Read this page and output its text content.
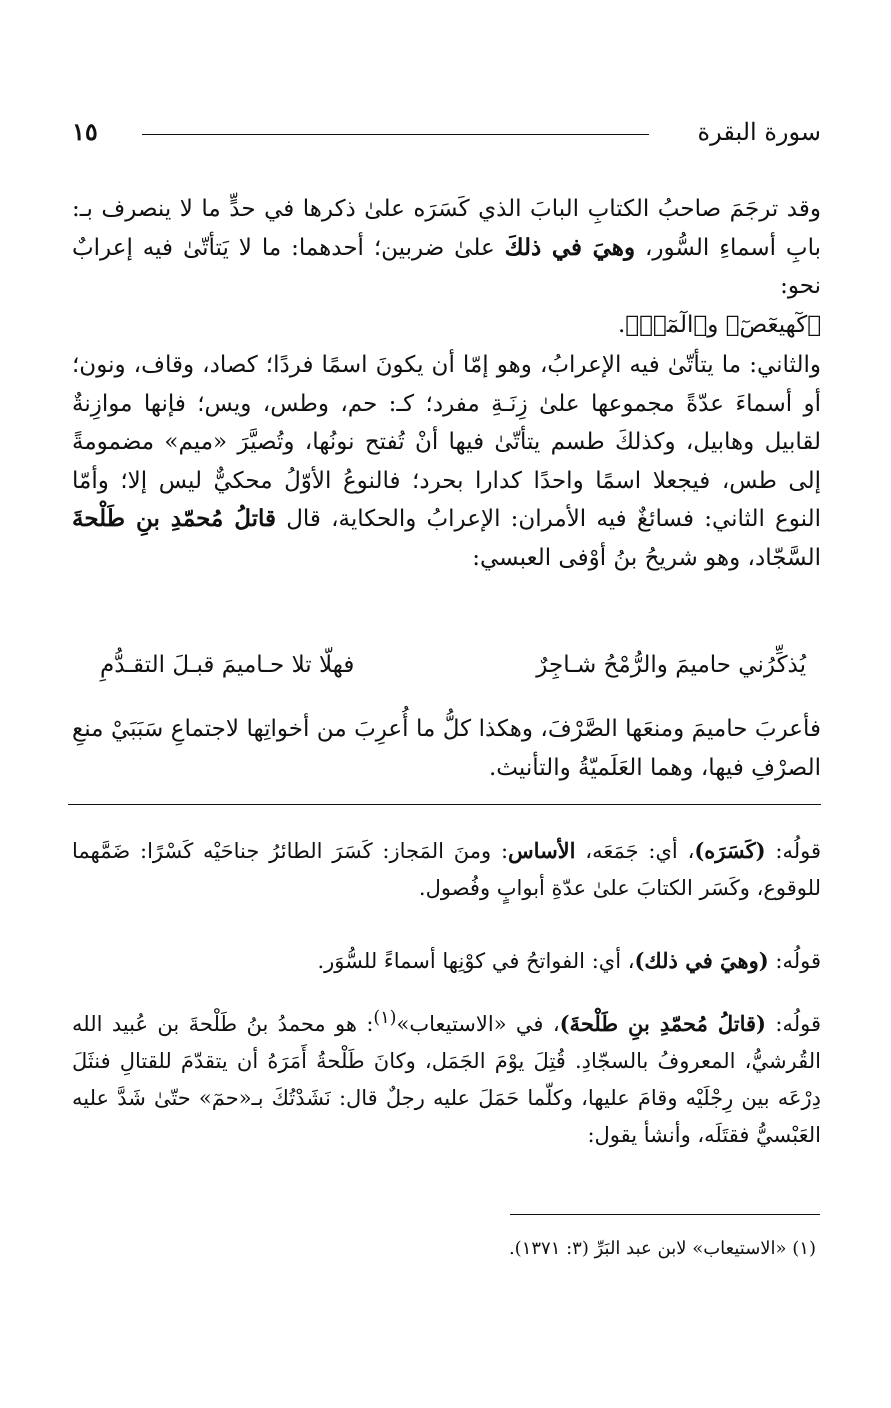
سورة البقرة
١٥

وقد ترجَمَ صاحبُ الكتابِ البابَ الذي كَسَرَه علىٰ ذكرها في حدٍّ ما لا ينصرف بـ: بابِ أسماءِ السُّور، وهيَ في ذلكَ علىٰ ضربين؛ أحدهما: ما لا يَتأتّىٰ فيه إعرابٌ نحو:
﴿كٓهيعٓصٓ﴾ و﴿الٓمٓرۚ﴾.

والثاني: ما يتأتّىٰ فيه الإعرابُ، وهو إمّا أن يكونَ اسمًا فردًا؛ كصاد، وقاف، ونون؛ أو أسماءَ عدّةً مجموعها علىٰ زِنَـةِ مفرد؛ كـ: حم، وطس، ويس؛ فإنها موازِنةٌ لقابيل وهابيل، وكذلكَ طسم يتأتّىٰ فيها أنْ تُفتح نونُها، وتُصيَّرَ «ميم» مضمومةً إلى طس، فيجعلا اسمًا واحدًا كدارا بحرد؛ فالنوعُ الأوّلُ محكيٌّ ليس إلا؛ وأمّا النوع الثاني: فسائغٌ فيه الأمران: الإعرابُ والحكاية، قال قاتلُ مُحمّدِ بنِ طَلْحةَ السَّجّاد، وهو شريحُ بنُ أوْفى العبسي:

يُذكِّرُني حاميمَ والرُّمْحُ شـاجِرٌ
فهلّا تلا حـاميمَ قبـلَ التقـدُّمِ

فأعربَ حاميمَ ومنعَها الصَّرْفَ، وهكذا كلُّ ما أُعرِبَ من أخواتِها لاجتماعِ سَبَبَيْ منعِ الصرْفِ فيها، وهما العَلَميّةُ والتأنيث.

قولُه: (كَسَرَه)، أي: جَمَعَه، الأساس: ومنَ المَجاز: كَسَرَ الطائرُ جناحَيْه كَسْرًا: ضَمَّهما للوقوع، وكَسَر الكتابَ علىٰ عدّةِ أبوابٍ وفُصول.

قولُه: (وهيَ في ذلك)، أي: الفواتحُ في كوْنِها أسماءً للسُّوَر.

قولُه: (قاتلُ مُحمّدِ بنِ طَلْحةَ)، في «الاستيعاب»$^{(١)}$: هو محمدُ بنُ طَلْحةَ بن عُبيد الله القُرشيُّ، المعروفُ بالسجّادِ. قُتِلَ يوْمَ الجَمَل، وكانَ طَلْحةُ أَمَرَهُ أن يتقدّمَ للقتالِ فنثَلَ دِرْعَه بين رِجْلَيْه وقامَ عليها، وكلّما حَمَلَ عليه رجلٌ قال: نَشَدْتُكَ بـ«حمٓ» حتّىٰ شَدَّ عليه العَبْسيُّ فقتَلَه، وأنشأ يقول:

(١) «الاستيعاب» لابن عبد البَرِّ (٣: ١٣٧١).
